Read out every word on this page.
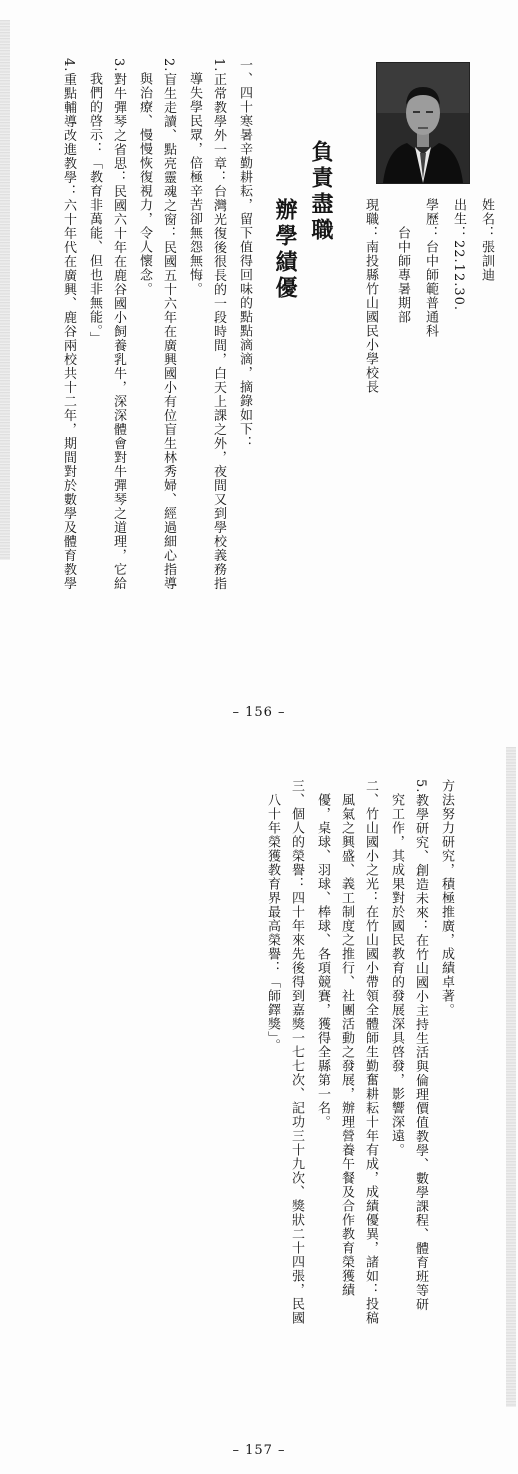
姓名：張訓迪
出生：22.12.30.
學歷：台中師範普通科
台中師專暑期部
現職：南投縣竹山國民小學校長
負責盡職
辦學績優
一、四十寒暑辛勤耕耘，留下值得回味的點點滴滴，摘錄如下：
1.正常教學外一章：台灣光復後很長的一段時間，白天上課之外，夜間又到學校義務指
導失學民眾，倍極辛苦卻無怨無悔。
2.盲生走讀、點亮靈魂之窗：民國五十六年在廣興國小有位盲生林秀婦、經過細心指導
與治療、慢慢恢復視力，令人懷念。
3.對牛彈琴之省思：民國六十年在鹿谷國小飼養乳牛，深深體會對牛彈琴之道理，它給
我們的啓示：「教育非萬能、但也非無能。」
4.重點輔導改進教學：六十年代在廣興、鹿谷兩校共十二年，期間對於數學及體育教學
– 156 –
方法努力研究，積極推廣，成績卓著。
5.教學研究、創造未來：在竹山國小主持生活與倫理價值教學、數學課程、體育班等研
究工作，其成果對於國民教育的發展深具啓發，影響深遠。
二、竹山國小之光：在竹山國小帶領全體師生勤奮耕耘十年有成，成績優異，諸如：投稿
風氣之興盛、義工制度之推行、社團活動之發展，辦理營養午餐及合作教育榮獲績
優，桌球、羽球、棒球、各項競賽，獲得全縣第一名。
三、個人的榮譽：四十年來先後得到嘉獎一七七次、記功三十九次、獎狀二十四張，民國
八十年榮獲教育界最高榮譽：「師鐸獎」。
– 157 –
